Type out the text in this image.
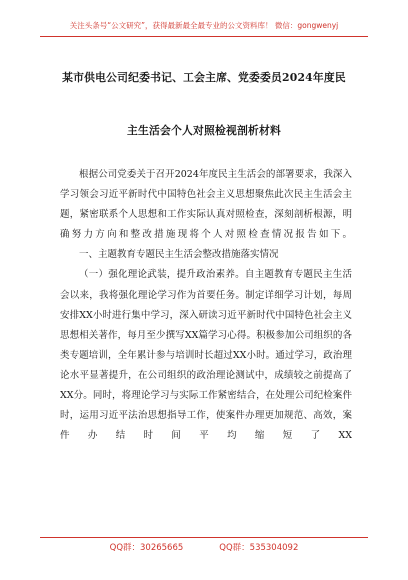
关注头条号“公文研究”，获得最新最全最专业的公文资料库！ 微信：gongwenyj
某市供电公司纪委书记、工会主席、党委委员2024年度民
主生活会个人对照检视剖析材料

根据公司党委关于召开2024年度民主生活会的部署要求，我深入学习领会习近平新时代中国特色社会主义思想聚焦此次民主生活会主题，紧密联系个人思想和工作实际认真对照检查，深刻剖析根源，明确努力方向和整改措施现将个人对照检查情况报告如下。

一、主题教育专题民主生活会整改措施落实情况

（一）强化理论武装，提升政治素养。自主题教育专题民主生活会以来，我将强化理论学习作为首要任务。制定详细学习计划，每周安排XX小时进行集中学习，深入研读习近平新时代中国特色社会主义思想相关著作，每月至少撰写XX篇学习心得。积极参加公司组织的各类专题培训，全年累计参与培训时长超过XX小时。通过学习，政治理论水平显著提升，在公司组织的政治理论测试中，成绩较之前提高了XX分。同时，将理论学习与实际工作紧密结合，在处理公司纪检案件时，运用习近平法治思想指导工作，使案件办理更加规范、高效，案件办结时间平均缩短了XX

QQ群：30265665	QQ群：535304092
